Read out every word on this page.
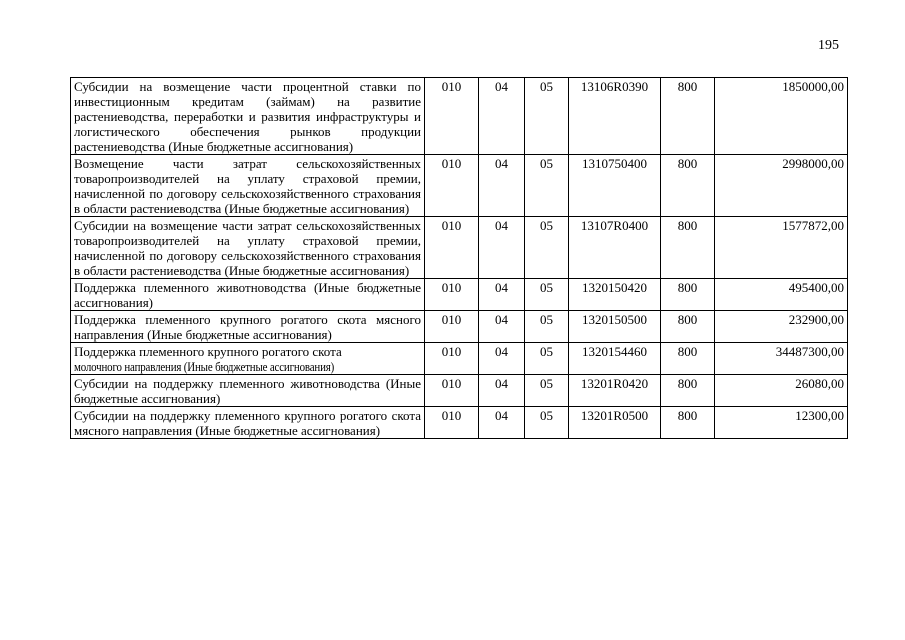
195
Субсидии на возмещение части процентной ставки по инвестиционным кредитам (займам) на развитие растениеводства, переработки и развития инфраструктуры и логистического обеспечения рынков продукции растениеводства (Иные бюджетные ассигнования)	010	04	05	13106R0390	800	1850000,00
Возмещение части затрат сельскохозяйственных товаропроизводителей на уплату страховой премии, начисленной по договору сельскохозяйственного страхования в области растениеводства (Иные бюджетные ассигнования)	010	04	05	1310750400	800	2998000,00
Субсидии на возмещение части затрат сельскохозяйственных товаропроизводителей на уплату страховой премии, начисленной по договору сельскохозяйственного страхования в области растениеводства (Иные бюджетные ассигнования)	010	04	05	13107R0400	800	1577872,00
Поддержка племенного животноводства (Иные бюджетные ассигнования)	010	04	05	1320150420	800	495400,00
Поддержка племенного крупного рогатого скота мясного направления (Иные бюджетные ассигнования)	010	04	05	1320150500	800	232900,00
Поддержка племенного крупного рогатого скота
молочного направления (Иные бюджетные ассигнования)	010	04	05	1320154460	800	34487300,00
Субсидии на поддержку племенного животноводства (Иные бюджетные ассигнования)	010	04	05	13201R0420	800	26080,00
Субсидии на поддержку племенного крупного рогатого скота мясного направления (Иные бюджетные ассигнования)	010	04	05	13201R0500	800	12300,00
